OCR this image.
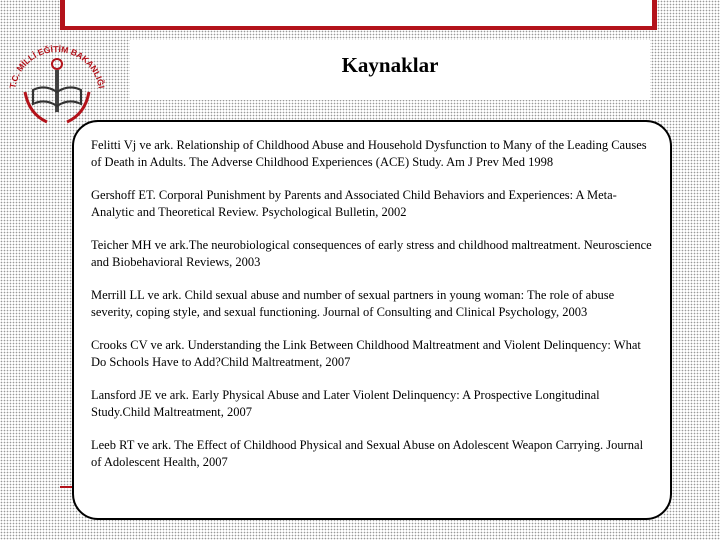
Kaynaklar
T.C. MİLLİ EĞİTİM BAKANLIĞI
Felitti Vj ve ark. Relationship of Childhood Abuse and Household Dysfunction to Many of the Leading Causes of Death in Adults. The Adverse Childhood Experiences (ACE) Study. Am J Prev Med 1998
Gershoff ET. Corporal Punishment by Parents and Associated Child Behaviors and Experiences: A Meta-Analytic and Theoretical Review. Psychological Bulletin, 2002
Teicher MH ve ark.The neurobiological consequences of early stress and childhood maltreatment. Neuroscience and Biobehavioral Reviews, 2003
Merrill LL ve ark. Child sexual abuse and number of sexual partners in young woman: The role of abuse severity, coping style, and sexual functioning. Journal of Consulting and Clinical Psychology, 2003
Crooks CV ve ark. Understanding the Link Between Childhood Maltreatment and Violent Delinquency: What Do Schools Have to Add?Child Maltreatment, 2007
Lansford JE ve ark. Early Physical Abuse and Later Violent Delinquency: A Prospective Longitudinal Study.Child Maltreatment, 2007
Leeb RT ve ark. The Effect of Childhood Physical and Sexual Abuse on Adolescent Weapon Carrying. Journal of Adolescent Health, 2007
